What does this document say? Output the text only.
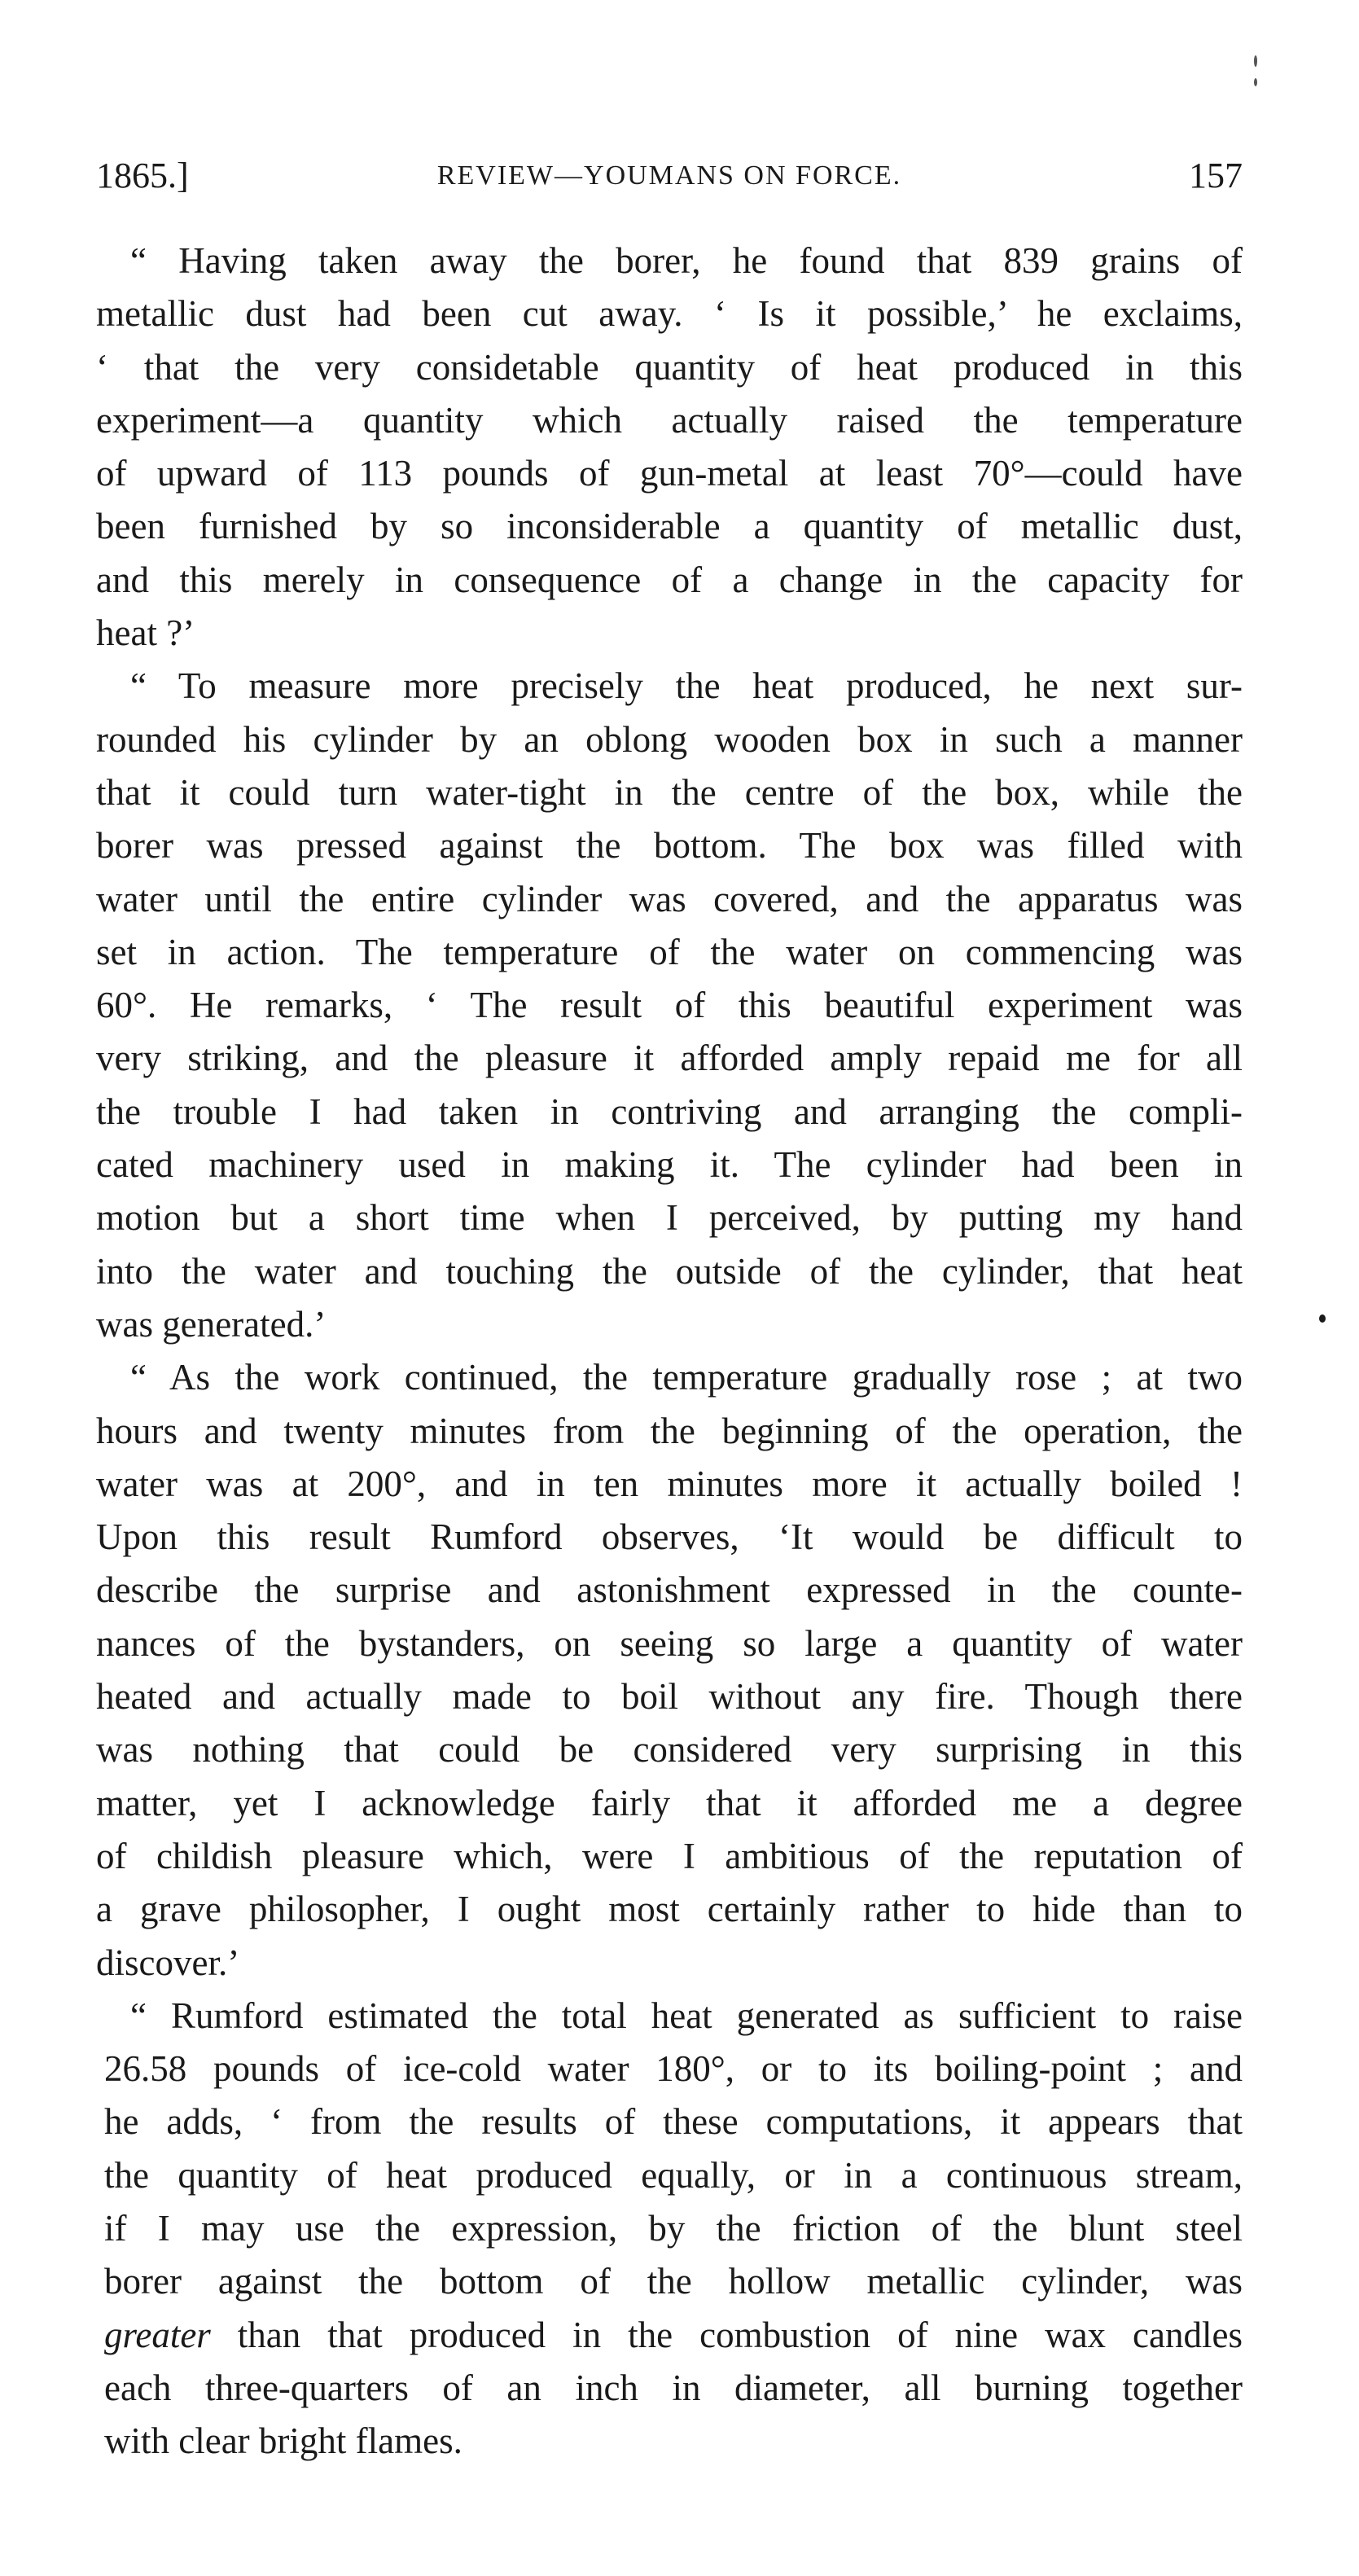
1865.]	REVIEW—YOUMANS ON FORCE.	157

“ Having taken away the borer, he found that 839 grains of
metallic dust had been cut away. ‘ Is it possible,’ he exclaims,
‘ that the very considetable quantity of heat produced in this
experiment—a quantity which actually raised the temperature
of upward of 113 pounds of gun-metal at least 70°—could have
been furnished by so inconsiderable a quantity of metallic dust,
and this merely in consequence of a change in the capacity for
heat ?’

“ To measure more precisely the heat produced, he next sur-
rounded his cylinder by an oblong wooden box in such a manner
that it could turn water-tight in the centre of the box, while the
borer was pressed against the bottom. The box was filled with
water until the entire cylinder was covered, and the apparatus was
set in action. The temperature of the water on commencing was
60°. He remarks, ‘ The result of this beautiful experiment was
very striking, and the pleasure it afforded amply repaid me for all
the trouble I had taken in contriving and arranging the compli-
cated machinery used in making it. The cylinder had been in
motion but a short time when I perceived, by putting my hand
into the water and touching the outside of the cylinder, that heat
was generated.’

“ As the work continued, the temperature gradually rose ; at two
hours and twenty minutes from the beginning of the operation, the
water was at 200°, and in ten minutes more it actually boiled !
Upon this result Rumford observes, ‘It would be difficult to
describe the surprise and astonishment expressed in the counte-
nances of the bystanders, on seeing so large a quantity of water
heated and actually made to boil without any fire. Though there
was nothing that could be considered very surprising in this
matter, yet I acknowledge fairly that it afforded me a degree
of childish pleasure which, were I ambitious of the reputation of
a grave philosopher, I ought most certainly rather to hide than to
discover.’

“ Rumford estimated the total heat generated as sufficient to raise
26.58 pounds of ice-cold water 180°, or to its boiling-point ; and
he adds, ‘ from the results of these computations, it appears that
the quantity of heat produced equally, or in a continuous stream,
if I may use the expression, by the friction of the blunt steel
borer against the bottom of the hollow metallic cylinder, was
greater than that produced in the combustion of nine wax candles
each three-quarters of an inch in diameter, all burning together
with clear bright flames.
